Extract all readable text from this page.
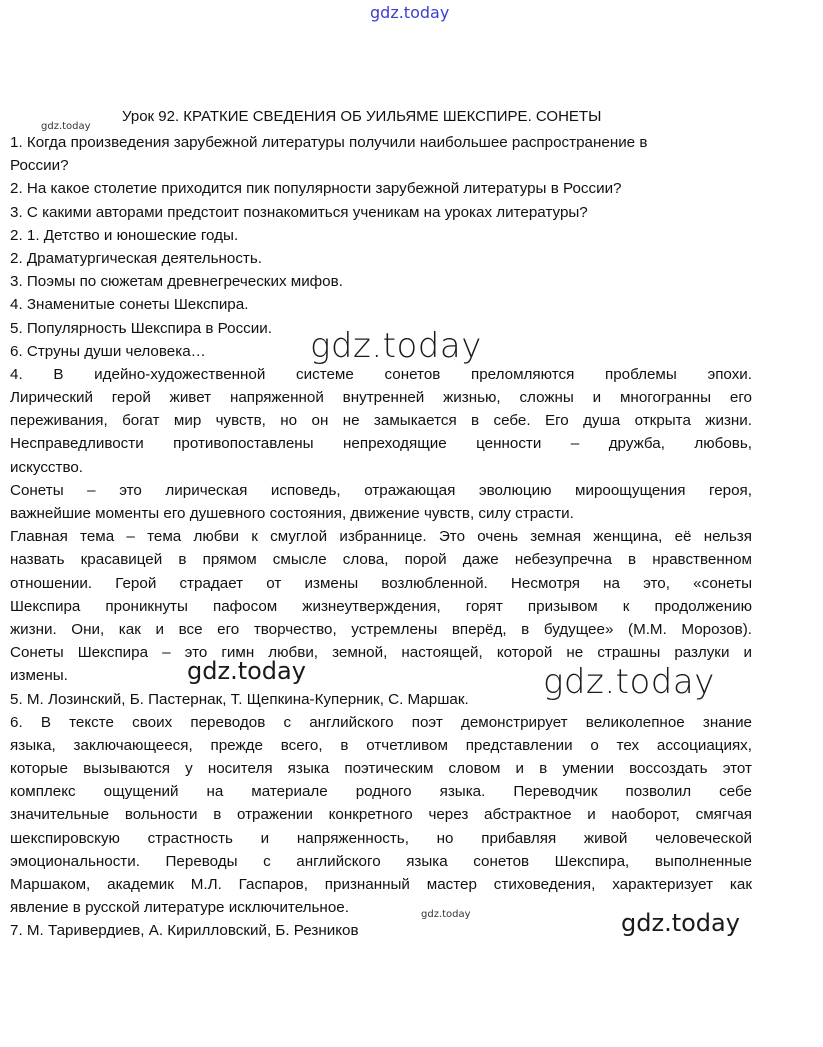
gdz.today
gdz.today
gdz.today
gdz.today	gdz.today
gdz.today	gdz.today
Урок 92. КРАТКИЕ СВЕДЕНИЯ ОБ УИЛЬЯМЕ ШЕКСПИРЕ. СОНЕТЫ
1. Когда произведения зарубежной литературы получили наибольшее распространение в
России?
2. На какое столетие приходится пик популярности зарубежной литературы в России?
3. С какими авторами предстоит познакомиться ученикам на уроках литературы?
2. 1. Детство и юношеские годы.
2. Драматургическая деятельность.
3. Поэмы по сюжетам древнегреческих мифов.
4. Знаменитые сонеты Шекспира.
5. Популярность Шекспира в России.
6. Струны души человека…
4. В идейно-художественной системе сонетов преломляются проблемы эпохи.
Лирический герой живет напряженной внутренней жизнью, сложны и многогранны его
переживания, богат мир чувств, но он не замыкается в себе. Его душа открыта жизни.
Несправедливости противопоставлены непреходящие ценности – дружба, любовь,
искусство.
Сонеты – это лирическая исповедь, отражающая эволюцию мироощущения героя,
важнейшие моменты его душевного состояния, движение чувств, силу страсти.
Главная тема – тема любви к смуглой избраннице. Это очень земная женщина, её нельзя
назвать красавицей в прямом смысле слова, порой даже небезупречна в нравственном
отношении. Герой страдает от измены возлюбленной. Несмотря на это, «сонеты
Шекспира проникнуты пафосом жизнеутверждения, горят призывом к продолжению
жизни. Они, как и все его творчество, устремлены вперёд, в будущее» (М.М. Морозов).
Сонеты Шекспира – это гимн любви, земной, настоящей, которой не страшны разлуки и
измены.
5. М. Лозинский, Б. Пастернак, Т. Щепкина-Куперник, С. Маршак.
6. В тексте своих переводов с английского поэт демонстрирует великолепное знание
языка, заключающееся, прежде всего, в отчетливом представлении о тех ассоциациях,
которые вызываются у носителя языка поэтическим словом и в умении воссоздать этот
комплекс ощущений на материале родного языка. Переводчик позволил себе
значительные вольности в отражении конкретного через абстрактное и наоборот, смягчая
шекспировскую страстность и напряженность, но прибавляя живой человеческой
эмоциональности. Переводы с английского языка сонетов Шекспира, выполненные
Маршаком, академик М.Л. Гаспаров, признанный мастер стиховедения, характеризует как
явление в русской литературе исключительное.
7. М. Таривердиев, А. Кирилловский, Б. Резников
